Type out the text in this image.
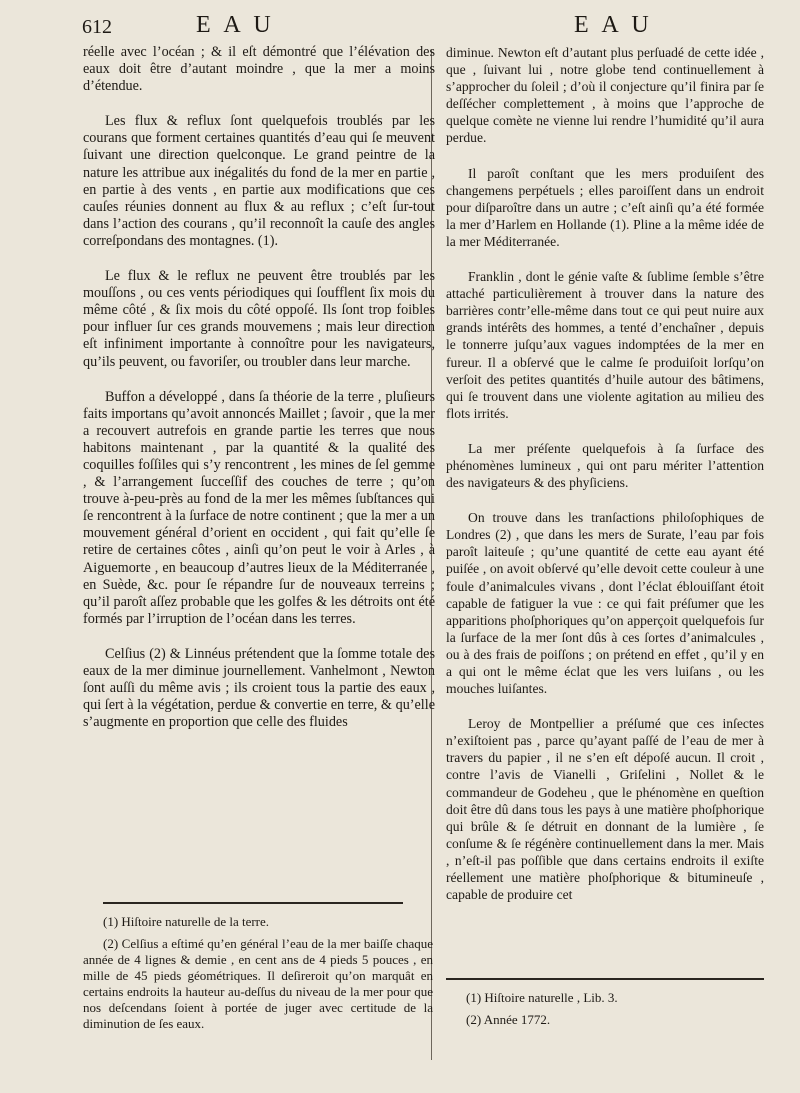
612	E A U	E A U

réelle avec l’océan ; & il eſt démontré que l’élévation des eaux doit être d’autant moindre , que la mer a moins d’étendue.

Les flux & reflux ſont quelquefois troublés par les courans que forment certaines quantités d’eau qui ſe meuvent ſuivant une direction quelconque. Le grand peintre de la nature les attribue aux inégalités du fond de la mer en partie , en partie à des vents , en partie aux modifications que ces cauſes réunies donnent au flux & au reflux ; c’eſt ſur-tout dans l’action des courans , qu’il reconnoît la cauſe des angles correſpondans des montagnes. (1).

Le flux & le reflux ne peuvent être troublés par les mouſſons , ou ces vents périodiques qui ſoufflent ſix mois du même côté , & ſix mois du côté oppoſé. Ils ſont trop foibles pour influer ſur ces grands mouvemens ; mais leur direction eſt infiniment importante à connoître pour les navigateurs, qu’ils peuvent, ou favoriſer, ou troubler dans leur marche.

Buffon a développé , dans ſa théorie de la terre , pluſieurs faits importans qu’avoit annoncés Maillet ; ſavoir , que la mer a recouvert autrefois en grande partie les terres que nous habitons maintenant , par la quantité & la qualité des coquilles foſſiles qui s’y rencontrent , les mines de ſel gemme , & l’arrangement ſucceſſif des couches de terre ; qu’on trouve à-peu-près au fond de la mer les mêmes ſubſtances qui ſe rencontrent à la ſurface de notre continent ; que la mer a un mouvement général d’orient en occident , qui fait qu’elle ſe retire de certaines côtes , ainſi qu’on peut le voir à Arles , à Aiguemorte , en beaucoup d’autres lieux de la Méditerranée , en Suède, &c. pour ſe répandre ſur de nouveaux terreins ; qu’il paroît aſſez probable que les golfes & les détroits ont été formés par l’irruption de l’océan dans les terres.

Celſius (2) & Linnéus prétendent que la ſomme totale des eaux de la mer diminue journellement. Vanhelmont , Newton ſont auſſi du même avis ; ils croient tous la partie des eaux , qui ſert à la végétation, perdue & convertie en terre, & qu’elle s’augmente en proportion que celle des fluides

(1) Hiſtoire naturelle de la terre.

(2) Celſius a eſtimé qu’en général l’eau de la mer baiſſe chaque année de 4 lignes & demie , en cent ans de 4 pieds 5 pouces , en mille de 45 pieds géométriques. Il deſireroit qu’on marquât en certains endroits la hauteur au-deſſus du niveau de la mer pour que nos deſcendans ſoient à portée de juger avec certitude de la diminution de ſes eaux.

diminue. Newton eſt d’autant plus perſuadé de cette idée , que , ſuivant lui , notre globe tend continuellement à s’approcher du ſoleil ; d’où il conjecture qu’il finira par ſe deſſécher complettement , à moins que l’approche de quelque comète ne vienne lui rendre l’humidité qu’il aura perdue.

Il paroît conſtant que les mers produiſent des changemens perpétuels ; elles paroiſſent dans un endroit pour diſparoître dans un autre ; c’eſt ainſi qu’a été formée la mer d’Harlem en Hollande (1). Pline a la même idée de la mer Méditerranée.

Franklin , dont le génie vaſte & ſublime ſemble s’être attaché particulièrement à trouver dans la nature des barrières contr’elle-même dans tout ce qui peut nuire aux grands intérêts des hommes, a tenté d’enchaîner , depuis le tonnerre juſqu’aux vagues indomptées de la mer en fureur. Il a obſervé que le calme ſe produiſoit lorſqu’on verſoit des petites quantités d’huile autour des bâtimens, qui ſe trouvent dans une violente agitation au milieu des flots irrités.

La mer préſente quelquefois à ſa ſurface des phénomènes lumineux , qui ont paru mériter l’attention des navigateurs & des phyſiciens.

On trouve dans les tranſactions philoſophiques de Londres (2) , que dans les mers de Surate, l’eau par fois paroît laiteuſe ; qu’une quantité de cette eau ayant été puiſée , on avoit obſervé qu’elle devoit cette couleur à une foule d’animalcules vivans , dont l’éclat éblouiſſant étoit capable de fatiguer la vue : ce qui fait préſumer que les apparitions phoſphoriques qu’on apperçoit quelquefois ſur la ſurface de la mer ſont dûs à ces ſortes d’animalcules , ou à des frais de poiſſons ; on prétend en effet , qu’il y en a qui ont le même éclat que les vers luiſans , ou les mouches luiſantes.

Leroy de Montpellier a préſumé que ces inſectes n’exiſtoient pas , parce qu’ayant paſſé de l’eau de mer à travers du papier , il ne s’en eſt dépoſé aucun. Il croit , contre l’avis de Vianelli , Griſelini , Nollet & le commandeur de Godeheu , que le phénomène en queſtion doit être dû dans tous les pays à une matière phoſphorique qui brûle & ſe détruit en donnant de la lumière , ſe conſume & ſe régénère continuellement dans la mer. Mais , n’eſt-il pas poſſible que dans certains endroits il exiſte réellement une matière phoſphorique & bitumineuſe , capable de produire cet

(1) Hiſtoire naturelle , Lib. 3.

(2) Année 1772.
